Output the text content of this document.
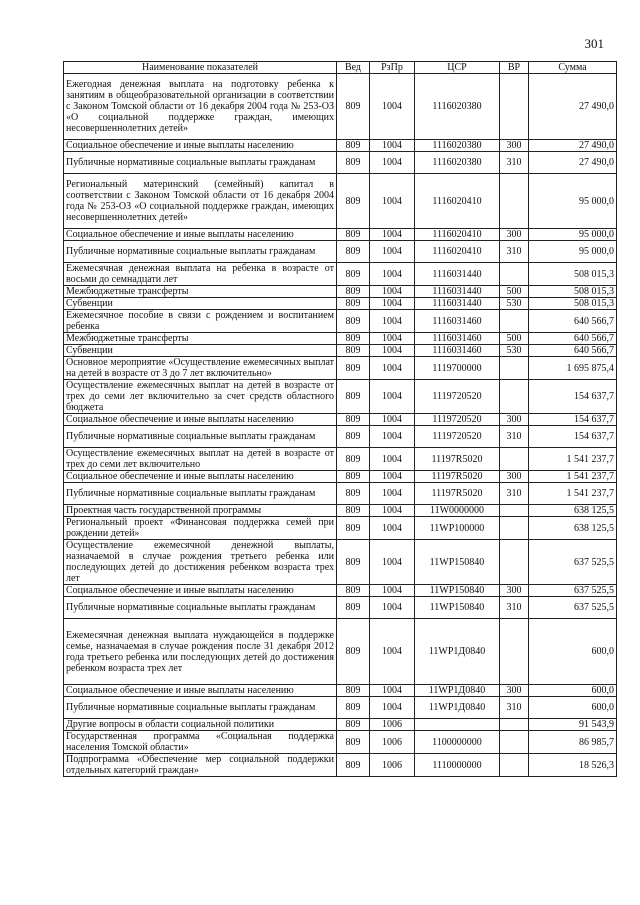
301
Наименование показателей	Вед	РзПр	ЦСР	ВР	Сумма
Ежегодная денежная выплата на подготовку ребенка к занятиям в общеобразовательной организации в соответствии с Законом Томской области от 16 декабря 2004 года № 253-ОЗ «О социальной поддержке граждан, имеющих несовершеннолетних детей»	809	1004	1116020380		27 490,0
Социальное обеспечение и иные выплаты населению	809	1004	1116020380	300	27 490,0
Публичные нормативные социальные выплаты гражданам	809	1004	1116020380	310	27 490,0
Региональный материнский (семейный) капитал в соответствии с Законом Томской области от 16 декабря 2004 года № 253-ОЗ «О социальной поддержке граждан, имеющих несовершеннолетних детей»	809	1004	1116020410		95 000,0
Социальное обеспечение и иные выплаты населению	809	1004	1116020410	300	95 000,0
Публичные нормативные социальные выплаты гражданам	809	1004	1116020410	310	95 000,0
Ежемесячная денежная выплата на ребенка в возрасте от восьми до семнадцати лет	809	1004	1116031440		508 015,3
Межбюджетные трансферты	809	1004	1116031440	500	508 015,3
Субвенции	809	1004	1116031440	530	508 015,3
Ежемесячное пособие в связи с рождением и воспитанием ребенка	809	1004	1116031460		640 566,7
Межбюджетные трансферты	809	1004	1116031460	500	640 566,7
Субвенции	809	1004	1116031460	530	640 566,7
Основное мероприятие «Осуществление ежемесячных выплат на детей в возрасте от 3 до 7 лет включительно»	809	1004	1119700000		1 695 875,4
Осуществление ежемесячных выплат на детей в возрасте от трех до семи лет включительно за счет средств областного бюджета	809	1004	1119720520		154 637,7
Социальное обеспечение и иные выплаты населению	809	1004	1119720520	300	154 637,7
Публичные нормативные социальные выплаты гражданам	809	1004	1119720520	310	154 637,7
Осуществление ежемесячных выплат на детей в возрасте от трех до семи лет включительно	809	1004	11197R5020		1 541 237,7
Социальное обеспечение и иные выплаты населению	809	1004	11197R5020	300	1 541 237,7
Публичные нормативные социальные выплаты гражданам	809	1004	11197R5020	310	1 541 237,7
Проектная часть государственной программы	809	1004	11W0000000		638 125,5
Региональный проект «Финансовая поддержка семей при рождении детей»	809	1004	11WP100000		638 125,5
Осуществление ежемесячной денежной выплаты, назначаемой в случае рождения третьего ребенка или последующих детей до достижения ребенком возраста трех лет	809	1004	11WP150840		637 525,5
Социальное обеспечение и иные выплаты населению	809	1004	11WP150840	300	637 525,5
Публичные нормативные социальные выплаты гражданам	809	1004	11WP150840	310	637 525,5
Ежемесячная денежная выплата нуждающейся в поддержке семье, назначаемая в случае рождения после 31 декабря 2012 года третьего ребенка или последующих детей до достижения ребенком возраста трех лет	809	1004	11WP1Д0840		600,0
Социальное обеспечение и иные выплаты населению	809	1004	11WP1Д0840	300	600,0
Публичные нормативные социальные выплаты гражданам	809	1004	11WP1Д0840	310	600,0
Другие вопросы в области социальной политики	809	1006			91 543,9
Государственная программа «Социальная поддержка населения Томской области»	809	1006	1100000000		86 985,7
Подпрограмма «Обеспечение мер социальной поддержки отдельных категорий граждан»	809	1006	1110000000		18 526,3
